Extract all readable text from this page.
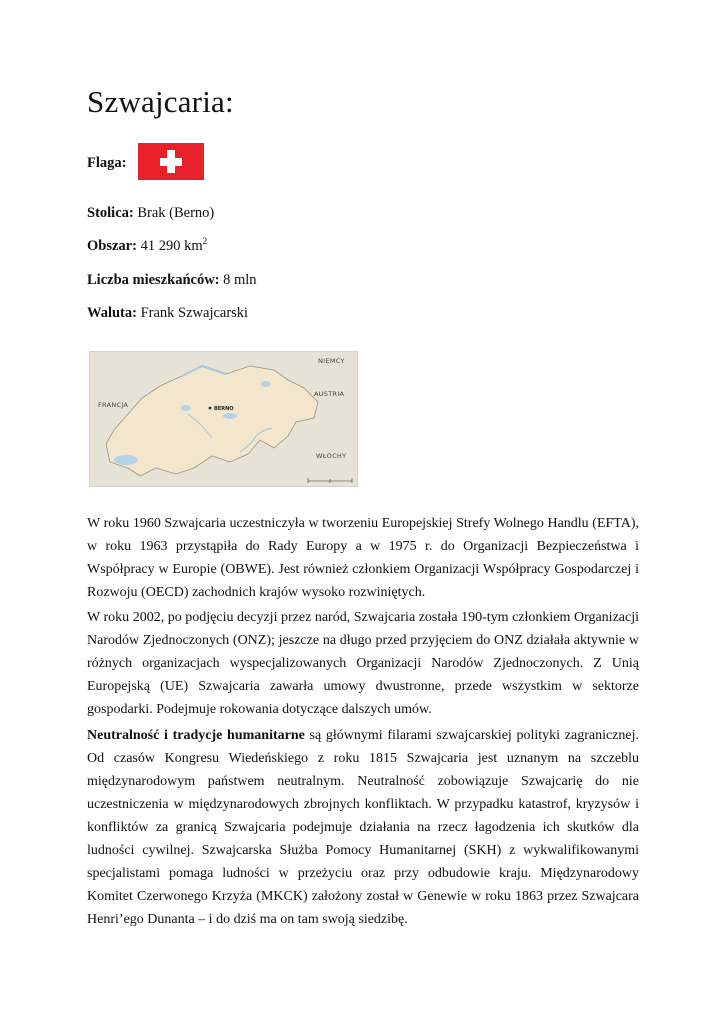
Szwajcaria:
Flaga:
Stolica: Brak (Berno)
Obszar: 41 290 $km^2$
Liczba mieszkańców: 8 mln
Waluta: Frank Szwajcarski
BERNO
NIEMCY
FRANCJA
AUSTRIA
WŁOCHY

W roku 1960 Szwajcaria uczestniczyła w tworzeniu Europejskiej Strefy Wolnego Handlu (EFTA), w roku 1963 przystąpiła do Rady Europy a w 1975 r. do Organizacji Bezpieczeństwa i Współpracy w Europie (OBWE). Jest również członkiem Organizacji Współpracy Gospodarczej i Rozwoju (OECD) zachodnich krajów wysoko rozwiniętych.

W roku 2002, po podjęciu decyzji przez naród, Szwajcaria została 190-tym członkiem Organizacji Narodów Zjednoczonych (ONZ); jeszcze na długo przed przyjęciem do ONZ działała aktywnie w różnych organizacjach wyspecjalizowanych Organizacji Narodów Zjednoczonych. Z Unią Europejską (UE) Szwajcaria zawarła umowy dwustronne, przede wszystkim w sektorze gospodarki. Podejmuje rokowania dotyczące dalszych umów.

Neutralność i tradycje humanitarne są głównymi filarami szwajcarskiej polityki zagranicznej. Od czasów Kongresu Wiedeńskiego z roku 1815 Szwajcaria jest uznanym na szczeblu międzynarodowym państwem neutralnym. Neutralność zobowiązuje Szwajcarię do nie uczestniczenia w międzynarodowych zbrojnych konfliktach. W przypadku katastrof, kryzysów i konfliktów za granicą Szwajcaria podejmuje działania na rzecz łagodzenia ich skutków dla ludności cywilnej. Szwajcarska Służba Pomocy Humanitarnej (SKH) z wykwalifikowanymi specjalistami pomaga ludności w przeżyciu oraz przy odbudowie kraju. Międzynarodowy Komitet Czerwonego Krzyża (MKCK) założony został w Genewie w roku 1863 przez Szwajcara Henri’ego Dunanta – i do dziś ma on tam swoją siedzibę.
